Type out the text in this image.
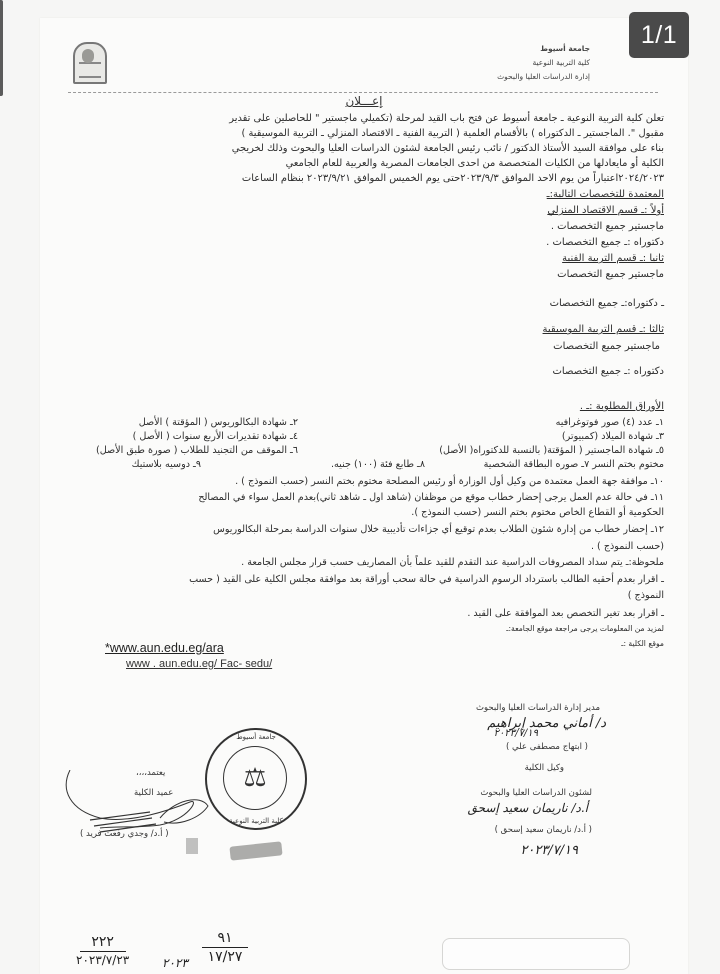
جامعة أسيوط
كلية التربية النوعية
إدارة الدراسات العليا والبحوث
إعـــلان
تعلن كلية التربية النوعية ـ جامعة أسيوط عن فتح باب القيد لمرحلة (تكميلي ماجستير " للحاصلين على تقدير
مقبول ". الماجستير ـ الدكتوراه ) بالأقسام العلمية ( التربية الفنية ـ الاقتصاد المنزلي ـ التربية الموسيقية )
بناء على موافقة السيد الأستاذ الدكتور / نائب رئيس الجامعة لشئون الدراسات العليا والبحوث وذلك لخريجي
الكلية أو مايعادلها من الكليات المتخصصة من احدى الجامعات المصرية والعربية للعام الجامعي
٢٠٢٤/٢٠٢٣اعتباراً من يوم الاحد الموافق ٢٠٢٣/٩/٣حتى يوم الخميس الموافق ٢٠٢٣/٩/٢١ بنظام الساعات
المعتمدة للتخصصات التالية:ـ
أولاً :ـ قسم الاقتصاد المنزلي
ماجستير جميع التخصصات .
دكتوراه :ـ جميع التخصصات .
ثانيا :ـ قسم التربية الفنية
ماجستير جميع التخصصات
ـ دكتوراه:ـ جميع التخصصات
ثالثا :ـ قسم التربية الموسيقية
ماجستير جميع التخصصات
دكتوراه :ـ جميع التخصصات
الأوراق المطلوبة :ـ .
١ـ عدد (٤) صور فوتوغرافيه
٣ـ شهادة الميلاد (كمبيوتر)
٥ـ شهادة الماجستير ( المؤقتة( بالنسبة للدكتوراه( الأصل)
مختوم بختم النسر ٧ـ صوره البطاقة الشخصية
٢ـ شهادة البكالوريوس ( المؤقتة ) الأصل
٤ـ شهادة تقديرات الأربع سنوات ( الأصل )
٦ـ الموقف من التجنيد للطلاب ( صورة طبق الأصل)
٩ـ دوسيه بلاستيك	٨ـ طابع فئة (١٠٠) جنيه.
١٠ـ موافقة جهة العمل معتمدة من وكيل أول الوزارة أو رئيس المصلحة مختوم بختم النسر (حسب النموذج ) .
١١ـ في حالة عدم العمل يرجى إحضار خطاب موقع من موظفان (شاهد اول ـ شاهد ثاني)بعدم العمل سواء في المصالح
الحكومية أو القطاع الخاص مختوم بختم النسر (حسب النموذج ).
١٢ـ إحضار خطاب من إدارة شئون الطلاب بعدم توقيع أي جزاءات تأديبية خلال سنوات الدراسة بمرحلة البكالوريوس
(حسب النموذج ) .
ملحوظة:ـ يتم سداد المصروفات الدراسية عند التقدم للقيد علماً بأن المصاريف حسب قرار مجلس الجامعة .
ـ اقرار بعدم أحقيه الطالب باسترداد الرسوم الدراسية في حالة سحب أوراقة بعد موافقة مجلس الكلية على القيد ( حسب
النموذج )
ـ اقرار بعد تغير التخصص بعد الموافقة على القيد .
لمزيد من المعلومات يرجى مراجعة موقع الجامعة:ـ
موقع الكلية :ـ
*www.aun.edu.eg/ara
www . aun.edu.eg/ Fac- sedu/
مدير إدارة الدراسات العليا والبحوث
د/ أماني محمد إبراهيم
٢٠٢٣/٧/١٩
( ابتهاج مصطفى علي )
وكيل الكلية
لشئون الدراسات العليا والبحوث
أ.د/ ناريمان سعيد إسحق
( أ.د/ ناريمان سعيد إسحق )
٢٠٢٣/٧/١٩
يعتمد،،،،
عميد الكلية
( أ.د/ وجدي رفعت فريد )
جامعة أسيوط
⚖
كلية التربية النوعية
٢٢٢
٢٠٢٣/٧/٢٣	٢٠٢٣
٩١
١٧/٢٧
1/1
